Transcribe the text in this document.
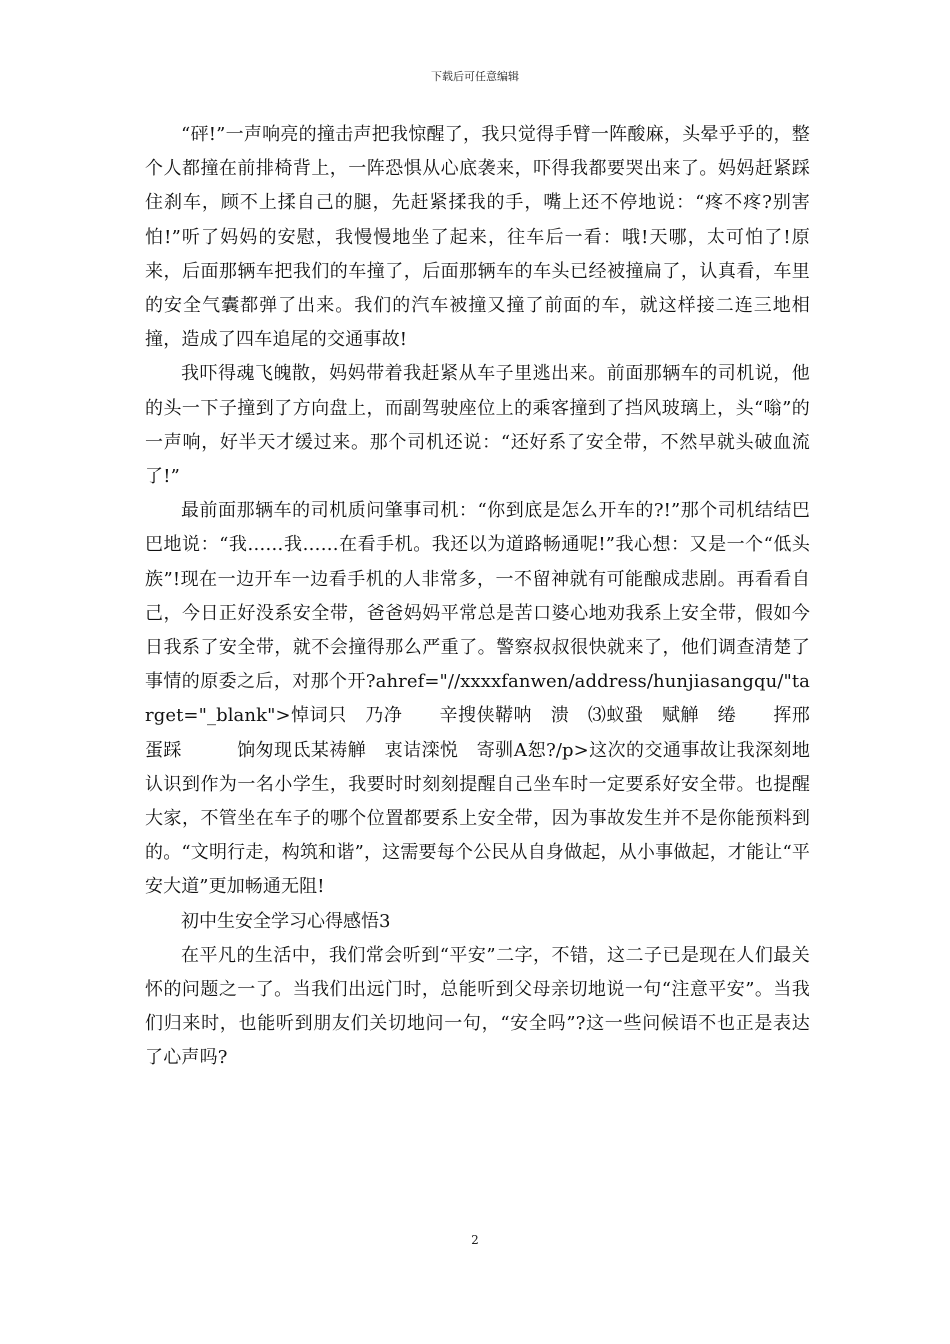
下载后可任意编辑

“砰!”一声响亮的撞击声把我惊醒了，我只觉得手臂一阵酸麻，头晕乎乎的，整个人都撞在前排椅背上，一阵恐惧从心底袭来，吓得我都要哭出来了。妈妈赶紧踩住刹车，顾不上揉自己的腿，先赶紧揉我的手，嘴上还不停地说：“疼不疼?别害怕!”听了妈妈的安慰，我慢慢地坐了起来，往车后一看：哦!天哪，太可怕了!原来，后面那辆车把我们的车撞了，后面那辆车的车头已经被撞扁了，认真看，车里的安全气囊都弹了出来。我们的汽车被撞又撞了前面的车，就这样接二连三地相撞，造成了四车追尾的交通事故!

我吓得魂飞魄散，妈妈带着我赶紧从车子里逃出来。前面那辆车的司机说，他的头一下子撞到了方向盘上，而副驾驶座位上的乘客撞到了挡风玻璃上，头“嗡”的一声响，好半天才缓过来。那个司机还说：“还好系了安全带，不然早就头破血流了!”

最前面那辆车的司机质问肇事司机：“你到底是怎么开车的?!”那个司机结结巴巴地说：“我……我……在看手机。我还以为道路畅通呢!”我心想：又是一个“低头族”!现在一边开车一边看手机的人非常多，一不留神就有可能酿成悲剧。再看看自己，今日正好没系安全带，爸爸妈妈平常总是苦口婆心地劝我系上安全带，假如今日我系了安全带，就不会撞得那么严重了。警察叔叔很快就来了，他们调查清楚了事情的原委之后，对那个开?ahref="//xxxxfanwen/address/hunjiasangqu/"target="_blank">悼词只　乃净　　辛搜侠鞯呐　溃　⑶蚁蛩　赋觯　绻　　挥邢蛋踩　　　饷匆现氐某祷觯　衷诘滦悦　寄驯А恕?/p>这次的交通事故让我深刻地认识到作为一名小学生，我要时时刻刻提醒自己坐车时一定要系好安全带。也提醒大家，不管坐在车子的哪个位置都要系上安全带，因为事故发生并不是你能预料到的。“文明行走，构筑和谐”，这需要每个公民从自身做起，从小事做起，才能让“平安大道”更加畅通无阻!

初中生安全学习心得感悟3

在平凡的生活中，我们常会听到“平安”二字，不错，这二子已是现在人们最关怀的问题之一了。当我们出远门时，总能听到父母亲切地说一句“注意平安”。当我们归来时，也能听到朋友们关切地问一句，“安全吗”?这一些问候语不也正是表达了心声吗?

2
